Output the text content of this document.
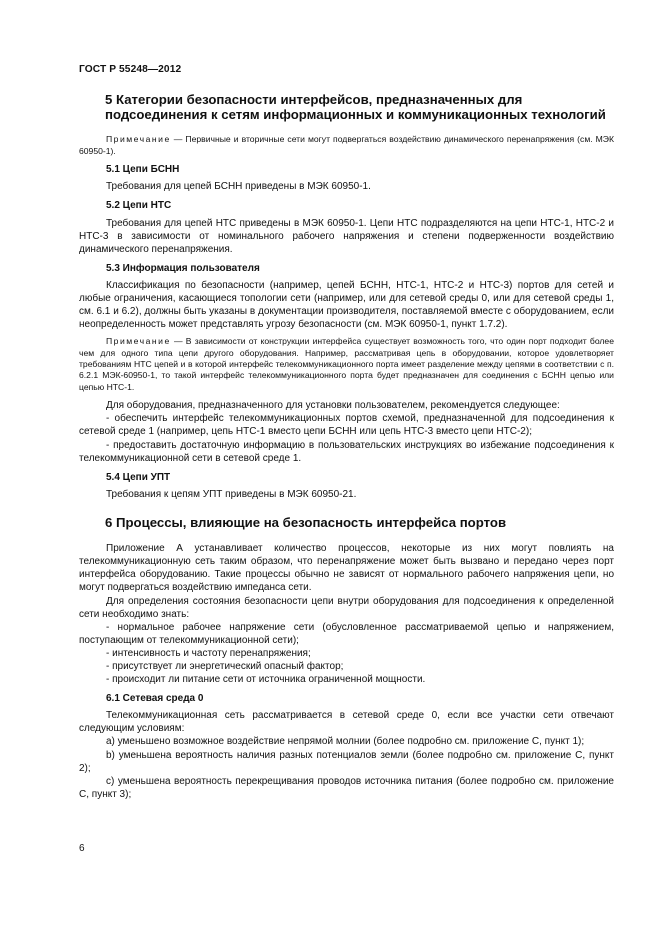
ГОСТ Р 55248—2012
5 Категории безопасности интерфейсов, предназначенных для подсоединения к сетям информационных и коммуникационных технологий
Примечание — Первичные и вторичные сети могут подвергаться воздействию динамического перенапряжения (см. МЭК 60950-1).
5.1 Цепи БСНН

Требования для цепей БСНН приведены в МЭК 60950-1.

5.2 Цепи НТС

Требования для цепей НТС приведены в МЭК 60950-1. Цепи НТС подразделяются на цепи НТС-1, НТС-2 и НТС-3 в зависимости от номинального рабочего напряжения и степени подверженности воздействию динамического перенапряжения.

5.3 Информация пользователя

Классификация по безопасности (например, цепей БСНН, НТС-1, НТС-2 и НТС-3) портов для сетей и любые ограничения, касающиеся топологии сети (например, или для сетевой среды 0, или для сетевой среды 1, см. 6.1 и 6.2), должны быть указаны в документации производителя, поставляемой вместе с оборудованием, если неопределенность может представлять угрозу безопасности (см. МЭК 60950-1, пункт 1.7.2).

Примечание — В зависимости от конструкции интерфейса существует возможность того, что один порт подходит более чем для одного типа цепи другого оборудования. Например, рассматривая цепь в оборудовании, которое удовлетворяет требованиям НТС цепей и в которой интерфейс телекоммуникационного порта имеет разделение между цепями в соответствии с п. 6.2.1 МЭК-60950-1, то такой интерфейс телекоммуникационного порта будет предназначен для соединения с БСНН цепью или цепью НТС-1.

Для оборудования, предназначенного для установки пользователем, рекомендуется следующее:

- обеспечить интерфейс телекоммуникационных портов схемой, предназначенной для подсоединения к сетевой среде 1 (например, цепь НТС-1 вместо цепи БСНН или цепь НТС-3 вместо цепи НТС-2);

- предоставить достаточную информацию в пользовательских инструкциях во избежание подсоединения к телекоммуникационной сети в сетевой среде 1.

5.4 Цепи УПТ

Требования к цепям УПТ приведены в МЭК 60950-21.

6 Процессы, влияющие на безопасность интерфейса портов

Приложение А устанавливает количество процессов, некоторые из них могут повлиять на телекоммуникационную сеть таким образом, что перенапряжение может быть вызвано и передано через порт интерфейса оборудованию. Такие процессы обычно не зависят от нормального рабочего напряжения цепи, но могут подвергаться воздействию импеданса сети.

Для определения состояния безопасности цепи внутри оборудования для подсоединения к определенной сети необходимо знать:

- нормальное рабочее напряжение сети (обусловленное рассматриваемой цепью и напряжением, поступающим от телекоммуникационной сети);

- интенсивность и частоту перенапряжения;

- присутствует ли энергетический опасный фактор;

- происходит ли питание сети от источника ограниченной мощности.

6.1 Сетевая среда 0

Телекоммуникационная сеть рассматривается в сетевой среде 0, если все участки сети отвечают следующим условиям:

а) уменьшено возможное воздействие непрямой молнии (более подробно см. приложение С, пункт 1);

b) уменьшена вероятность наличия разных потенциалов земли (более подробно см. приложение С, пункт 2);

с) уменьшена вероятность перекрещивания проводов источника питания (более подробно см. приложение С, пункт 3);

6
